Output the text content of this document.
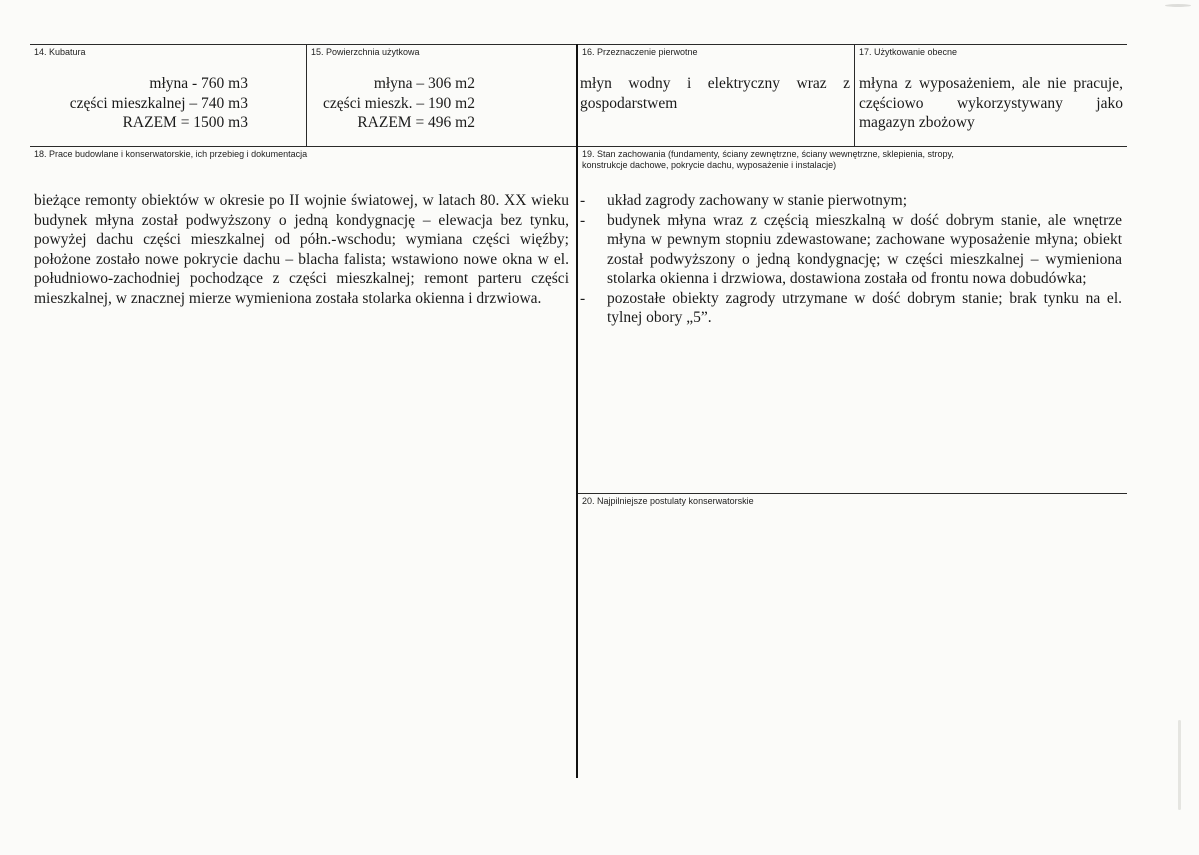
14. Kubatura
młyna - 760 m3
części mieszkalnej – 740 m3
RAZEM = 1500 m3
15. Powierzchnia użytkowa
młyna – 306 m2
części mieszk. – 190 m2
RAZEM = 496 m2
16. Przeznaczenie pierwotne
młyn wodny i elektryczny wraz z gospodarstwem
17. Użytkowanie obecne
młyna z wyposażeniem, ale nie pracuje, częściowo wykorzystywany jako magazyn zbożowy
18. Prace budowlane i konserwatorskie, ich przebieg i dokumentacja
bieżące remonty obiektów w okresie po II wojnie światowej, w latach 80. XX wieku budynek młyna został podwyższony o jedną kondygnację – elewacja bez tynku, powyżej dachu części mieszkalnej od półn.-wschodu; wymiana części więźby; położone zostało nowe pokrycie dachu – blacha falista; wstawiono nowe okna w el. południowo-zachodniej pochodzące z części mieszkalnej; remont parteru części mieszkalnej, w znacznej mierze wymieniona została stolarka okienna i drzwiowa.
19. Stan zachowania (fundamenty, ściany zewnętrzne, ściany wewnętrzne, sklepienia, stropy,
konstrukcje dachowe, pokrycie dachu, wyposażenie i instalacje)
- układ zagrody zachowany w stanie pierwotnym;
- budynek młyna wraz z częścią mieszkalną w dość dobrym stanie, ale wnętrze młyna w pewnym stopniu zdewastowane; zachowane wyposażenie młyna; obiekt został podwyższony o jedną kondygnację; w części mieszkalnej – wymieniona stolarka okienna i drzwiowa, dostawiona została od frontu nowa dobudówka;
- pozostałe obiekty zagrody utrzymane w dość dobrym stanie; brak tynku na el. tylnej obory „5”.
20. Najpilniejsze postulaty konserwatorskie
